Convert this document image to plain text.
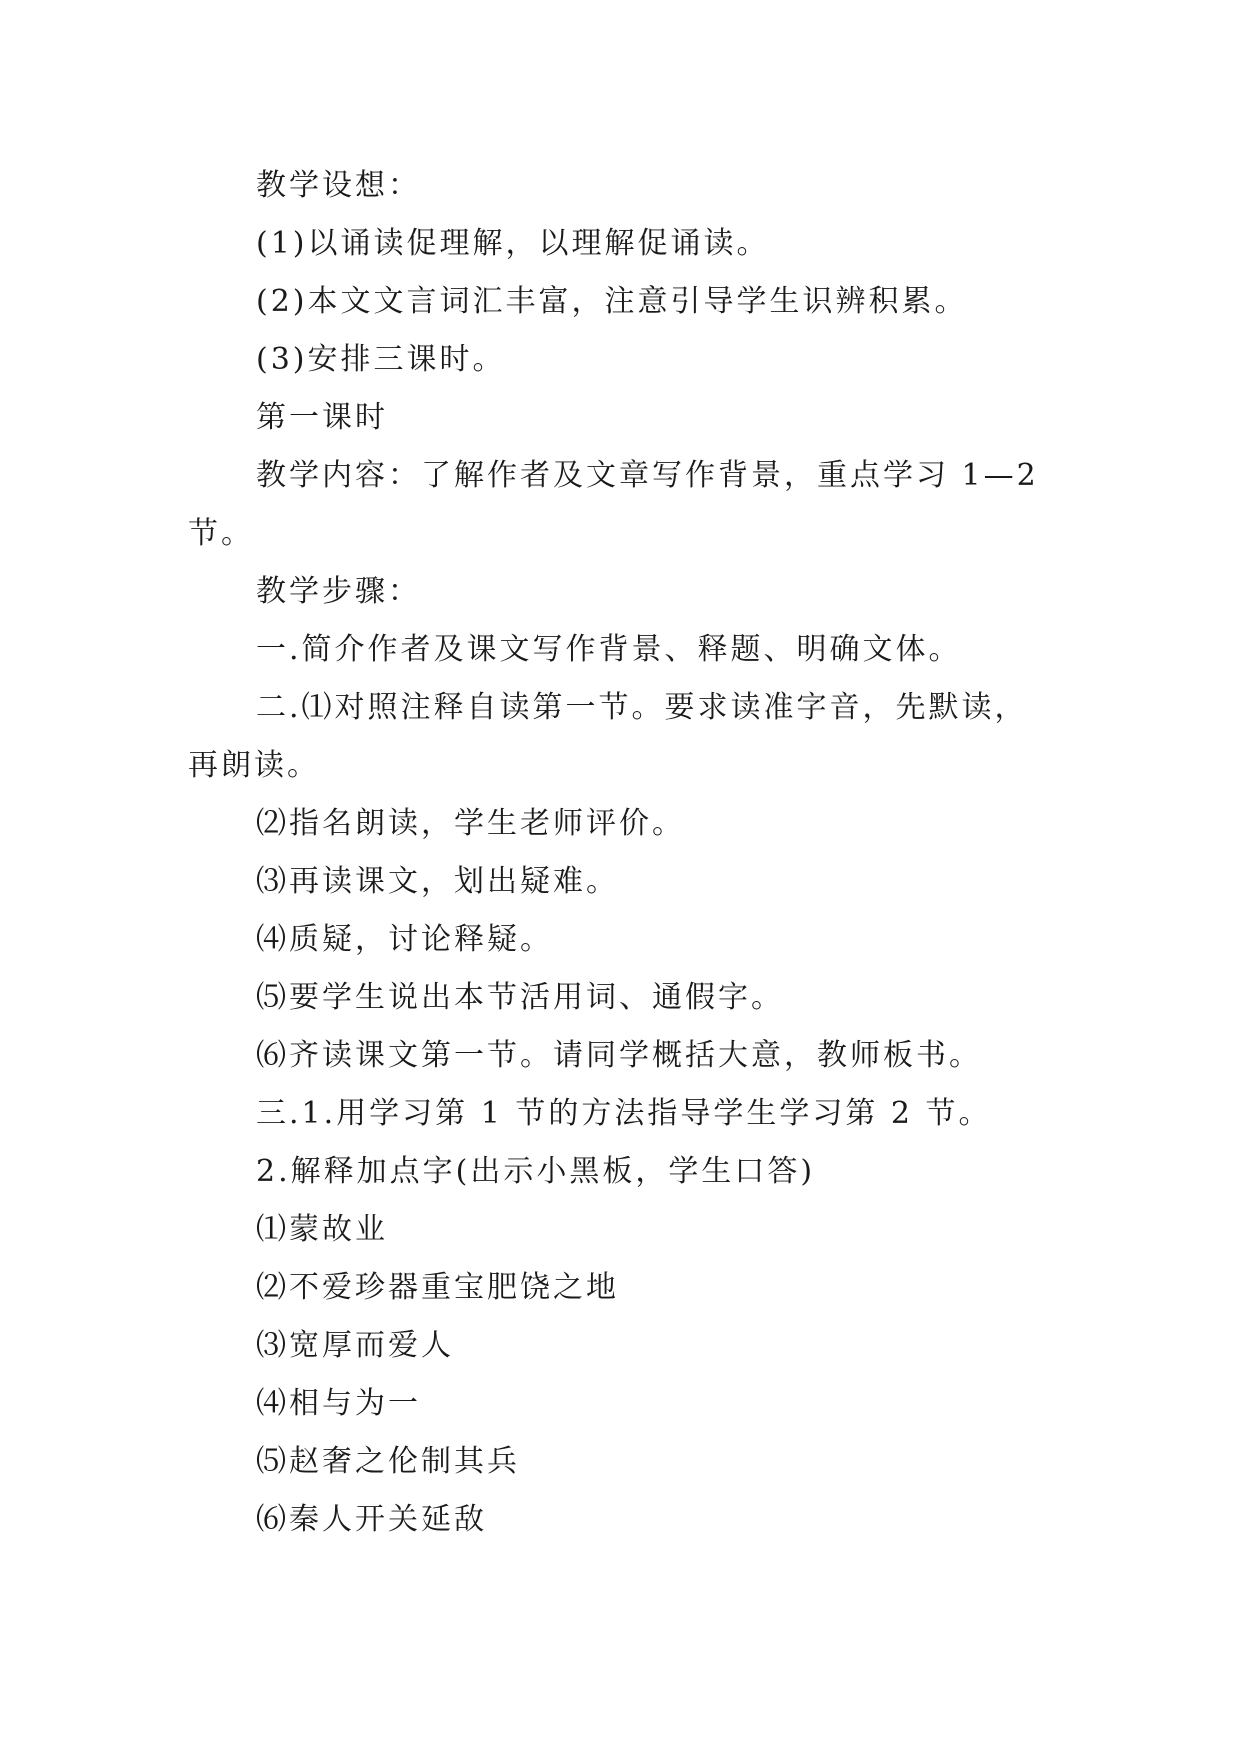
教学设想：
(1)以诵读促理解，以理解促诵读。
(2)本文文言词汇丰富，注意引导学生识辨积累。
(3)安排三课时。
第一课时
教学内容：了解作者及文章写作背景，重点学习 1—2
节。
教学步骤：
一.简介作者及课文写作背景、释题、明确文体。
二.⑴对照注释自读第一节。要求读准字音，先默读，
再朗读。
⑵指名朗读，学生老师评价。
⑶再读课文，划出疑难。
⑷质疑，讨论释疑。
⑸要学生说出本节活用词、通假字。
⑹齐读课文第一节。请同学概括大意，教师板书。
三.1.用学习第 1 节的方法指导学生学习第 2 节。
2.解释加点字(出示小黑板，学生口答)
⑴蒙故业
⑵不爱珍器重宝肥饶之地
⑶宽厚而爱人
⑷相与为一
⑸赵奢之伦制其兵
⑹秦人开关延敌
